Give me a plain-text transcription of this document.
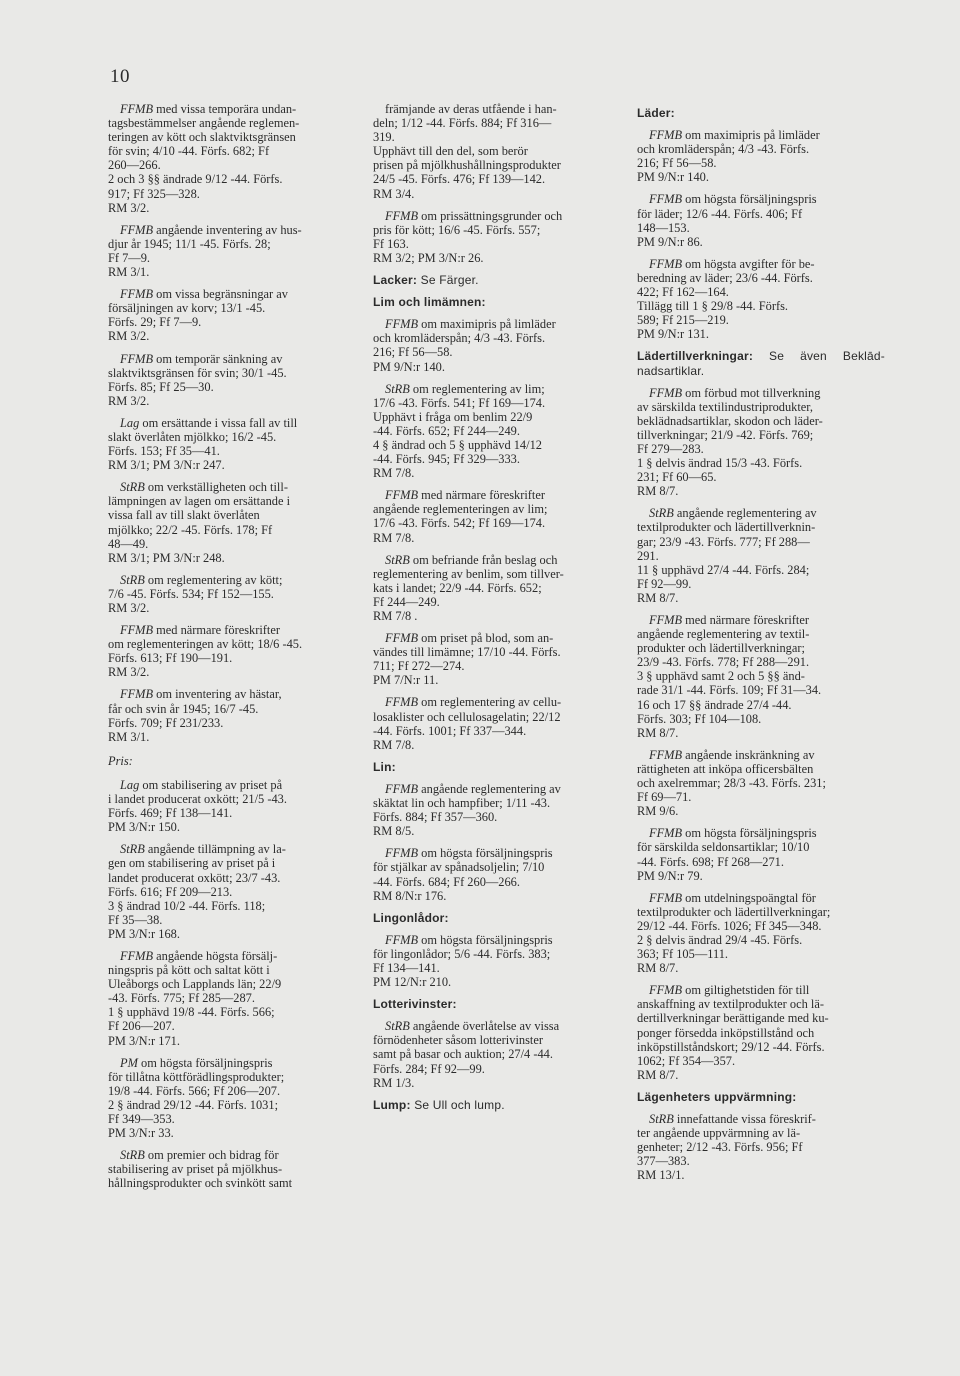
10
FFMB med vissa temporära undan-
tagsbestämmelser angående reglemen-
teringen av kött och slaktviktsgränsen
för svin; 4/10 -44. Förfs. 682; Ff
260—266.
2 och 3 §§ ändrade 9/12 -44. Förfs.
917; Ff 325—328.
RM 3/2.
FFMB angående inventering av hus-
djur år 1945; 11/1 -45. Förfs. 28;
Ff 7—9.
RM 3/1.
FFMB om vissa begränsningar av
försäljningen av korv; 13/1 -45.
Förfs. 29; Ff 7—9.
RM 3/2.
FFMB om temporär sänkning av
slaktviktsgränsen för svin; 30/1 -45.
Förfs. 85; Ff 25—30.
RM 3/2.
Lag om ersättande i vissa fall av till
slakt överlåten mjölkko; 16/2 -45.
Förfs. 153; Ff 35—41.
RM 3/1; PM 3/N:r 247.
StRB om verkställigheten och till-
lämpningen av lagen om ersättande i
vissa fall av till slakt överlåten
mjölkko; 22/2 -45. Förfs. 178; Ff
48—49.
RM 3/1; PM 3/N:r 248.
StRB om reglementering av kött;
7/6 -45. Förfs. 534; Ff 152—155.
RM 3/2.
FFMB med närmare föreskrifter
om reglementeringen av kött; 18/6 -45.
Förfs. 613; Ff 190—191.
RM 3/2.
FFMB om inventering av hästar,
får och svin år 1945; 16/7 -45.
Förfs. 709; Ff 231/233.
RM 3/1.
Pris:
Lag om stabilisering av priset på
i landet producerat oxkött; 21/5 -43.
Förfs. 469; Ff 138—141.
PM 3/N:r 150.
StRB angående tillämpning av la-
gen om stabilisering av priset på i
landet producerat oxkött; 23/7 -43.
Förfs. 616; Ff 209—213.
3 § ändrad 10/2 -44. Förfs. 118;
Ff 35—38.
PM 3/N:r 168.
FFMB angående högsta försälj-
ningspris på kött och saltat kött i
Uleåborgs och Lapplands län; 22/9
-43. Förfs. 775; Ff 285—287.
1 § upphävd 19/8 -44. Förfs. 566;
Ff 206—207.
PM 3/N:r 171.
PM om högsta försäljningspris
för tillåtna köttförädlingsprodukter;
19/8 -44. Förfs. 566; Ff 206—207.
2 § ändrad 29/12 -44. Förfs. 1031;
Ff 349—353.
PM 3/N:r 33.
StRB om premier och bidrag för
stabilisering av priset på mjölkhus-
hållningsprodukter och svinkött samt
främjande av deras utfående i han-
deln; 1/12 -44. Förfs. 884; Ff 316—
319.
Upphävt till den del, som berör
prisen på mjölkhushållningsprodukter
24/5 -45. Förfs. 476; Ff 139—142.
RM 3/4.
FFMB om prissättningsgrunder och
pris för kött; 16/6 -45. Förfs. 557;
Ff 163.
RM 3/2; PM 3/N:r 26.
Lacker: Se Färger.
Lim och limämnen:
FFMB om maximipris på limläder
och kromläderspån; 4/3 -43. Förfs.
216; Ff 56—58.
PM 9/N:r 140.
StRB om reglementering av lim;
17/6 -43. Förfs. 541; Ff 169—174.
Upphävt i fråga om benlim 22/9
-44. Förfs. 652; Ff 244—249.
4 § ändrad och 5 § upphävd 14/12
-44. Förfs. 945; Ff 329—333.
RM 7/8.
FFMB med närmare föreskrifter
angående reglementeringen av lim;
17/6 -43. Förfs. 542; Ff 169—174.
RM 7/8.
StRB om befriande från beslag och
reglementering av benlim, som tillver-
kats i landet; 22/9 -44. Förfs. 652;
Ff 244—249.
RM 7/8 .
FFMB om priset på blod, som an-
vändes till limämne; 17/10 -44. Förfs.
711; Ff 272—274.
PM 7/N:r 11.
FFMB om reglementering av cellu-
losaklister och cellulosagelatin; 22/12
-44. Förfs. 1001; Ff 337—344.
RM 7/8.
Lin:
FFMB angående reglementering av
skäktat lin och hampfiber; 1/11 -43.
Förfs. 884; Ff 357—360.
RM 8/5.
FFMB om högsta försäljningspris
för stjälkar av spånadsoljelin; 7/10
-44. Förfs. 684; Ff 260—266.
RM 8/N:r 176.
Lingonlådor:
FFMB om högsta försäljningspris
för lingonlådor; 5/6 -44. Förfs. 383;
Ff 134—141.
PM 12/N:r 210.
Lotterivinster:
StRB angående överlåtelse av vissa
förnödenheter såsom lotterivinster
samt på basar och auktion; 27/4 -44.
Förfs. 284; Ff 92—99.
RM 1/3.
Lump: Se Ull och lump.
Läder:
FFMB om maximipris på limläder
och kromläderspån; 4/3 -43. Förfs.
216; Ff 56—58.
PM 9/N:r 140.
FFMB om högsta försäljningspris
för läder; 12/6 -44. Förfs. 406; Ff
148—153.
PM 9/N:r 86.
FFMB om högsta avgifter för be-
beredning av läder; 23/6 -44. Förfs.
422; Ff 162—164.
Tillägg till 1 § 29/8 -44. Förfs.
589; Ff 215—219.
PM 9/N:r 131.
Lädertillverkningar: Se även Beklād-nadsartiklar.
FFMB om förbud mot tillverkning
av särskilda textilindustriprodukter,
beklädnadsartiklar, skodon och läder-
tillverkningar; 21/9 -42. Förfs. 769;
Ff 279—283.
1 § delvis ändrad 15/3 -43. Förfs.
231; Ff 60—65.
RM 8/7.
StRB angående reglementering av
textilprodukter och lädertillverknin-
gar; 23/9 -43. Förfs. 777; Ff 288—
291.
11 § upphävd 27/4 -44. Förfs. 284;
Ff 92—99.
RM 8/7.
FFMB med närmare föreskrifter
angående reglementering av textil-
produkter och lädertillverkningar;
23/9 -43. Förfs. 778; Ff 288—291.
3 § upphävd samt 2 och 5 §§ änd-
rade 31/1 -44. Förfs. 109; Ff 31—34.
16 och 17 §§ ändrade 27/4 -44.
Förfs. 303; Ff 104—108.
RM 8/7.
FFMB angående inskränkning av
rättigheten att inköpa officersbälten
och axelremmar; 28/3 -43. Förfs. 231;
Ff 69—71.
RM 9/6.
FFMB om högsta försäljningspris
för särskilda seldonsartiklar; 10/10
-44. Förfs. 698; Ff 268—271.
PM 9/N:r 79.
FFMB om utdelningspoängtal för
textilprodukter och lädertillverkningar;
29/12 -44. Förfs. 1026; Ff 345—348.
2 § delvis ändrad 29/4 -45. Förfs.
363; Ff 105—111.
RM 8/7.
FFMB om giltighetstiden för till
anskaffning av textilprodukter och lä-
dertillverkningar berättigande med ku-
ponger försedda inköpstillstånd och
inköpstillståndskort; 29/12 -44. Förfs.
1062; Ff 354—357.
RM 8/7.
Lägenheters uppvärmning:
StRB innefattande vissa föreskrif-
ter angående uppvärmning av lä-
genheter; 2/12 -43. Förfs. 956; Ff
377—383.
RM 13/1.
